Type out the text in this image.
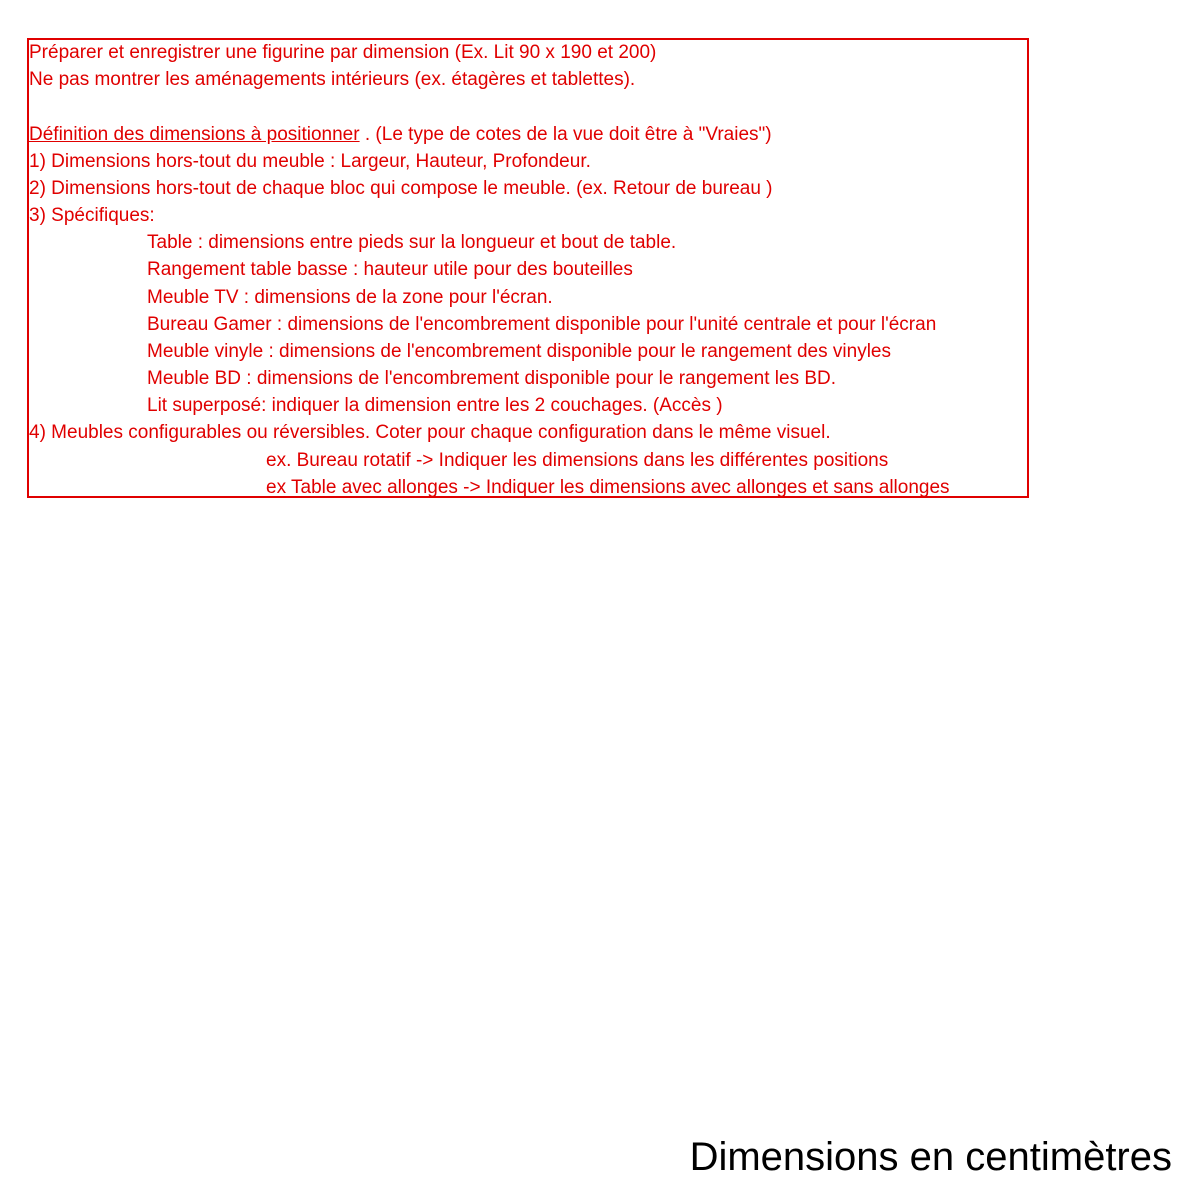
Préparer et enregistrer une figurine par dimension (Ex. Lit 90 x 190 et 200)
Ne pas montrer les aménagements intérieurs (ex. étagères et tablettes).
Définition des dimensions à positionner . (Le type de cotes de la vue doit être à "Vraies")
1) Dimensions hors-tout du meuble : Largeur, Hauteur, Profondeur.
2) Dimensions hors-tout de chaque bloc qui compose le meuble. (ex. Retour de bureau )
3) Spécifiques:
Table : dimensions entre pieds sur la longueur et bout de table.
Rangement table basse : hauteur utile pour des bouteilles
Meuble TV : dimensions de la zone pour l'écran.
Bureau Gamer : dimensions de l'encombrement disponible pour l'unité centrale et pour l'écran
Meuble vinyle : dimensions de l'encombrement disponible pour le rangement des vinyles
Meuble BD : dimensions de l'encombrement disponible pour le rangement les BD.
Lit superposé: indiquer la dimension entre les 2 couchages. (Accès )
4) Meubles configurables ou réversibles. Coter pour chaque configuration dans le même visuel.
ex. Bureau rotatif -> Indiquer les dimensions dans les différentes positions
ex Table avec allonges -> Indiquer les dimensions avec allonges et sans allonges
Dimensions en centimètres
